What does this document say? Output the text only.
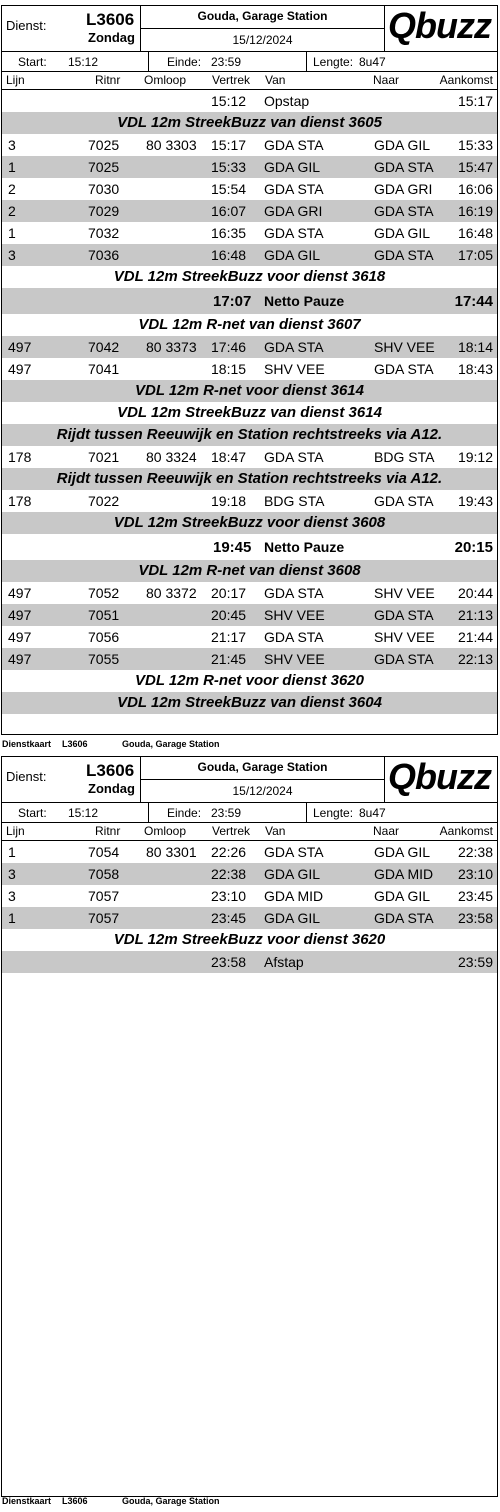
Dienst: L3606
Zondag
Gouda, Garage Station
15/12/2024	Qbuzz
Start: 15:12	Einde: 23:59	Lengte: 8u47
Lijn	Ritnr Omloop Vertrek Van	Naar	Aankomst
15:12 Opstap	15:17
VDL 12m StreekBuzz van dienst 3605
3	7025 80 3303 15:17 GDA STA	GDA GIL 15:33
1	7025	15:33 GDA GIL	GDA STA 15:47
2	7030	15:54 GDA STA	GDA GRI 16:06
2	7029	16:07 GDA GRI	GDA STA 16:19
1	7032	16:35 GDA STA	GDA GIL 16:48
3	7036	16:48 GDA GIL	GDA STA 17:05
VDL 12m StreekBuzz voor dienst 3618
17:07 Netto Pauze	17:44
VDL 12m R-net van dienst 3607
497	7042 80 3373 17:46 GDA STA	SHV VEE 18:14
497	7041	18:15 SHV VEE	GDA STA 18:43
VDL 12m R-net voor dienst 3614
VDL 12m StreekBuzz van dienst 3614
Rijdt tussen Reeuwijk en Station rechtstreeks via A12.
178	7021 80 3324 18:47 GDA STA	BDG STA 19:12
Rijdt tussen Reeuwijk en Station rechtstreeks via A12.
178	7022	19:18 BDG STA	GDA STA 19:43
VDL 12m StreekBuzz voor dienst 3608
19:45 Netto Pauze	20:15
VDL 12m R-net van dienst 3608
497	7052 80 3372 20:17 GDA STA	SHV VEE 20:44
497	7051	20:45 SHV VEE	GDA STA 21:13
497	7056	21:17 GDA STA	SHV VEE 21:44
497	7055	21:45 SHV VEE	GDA STA 22:13
VDL 12m R-net voor dienst 3620
VDL 12m StreekBuzz van dienst 3604
Dienstkaart L3606	Gouda, Garage Station
Dienst: L3606
Zondag
Gouda, Garage Station
15/12/2024	Qbuzz
Start: 15:12	Einde: 23:59	Lengte: 8u47
Lijn	Ritnr Omloop Vertrek Van	Naar	Aankomst
1	7054 80 3301 22:26 GDA STA	GDA GIL 22:38
3	7058	22:38 GDA GIL	GDA MID 23:10
3	7057	23:10 GDA MID	GDA GIL 23:45
1	7057	23:45 GDA GIL	GDA STA 23:58
VDL 12m StreekBuzz voor dienst 3620
23:58 Afstap	23:59
Dienstkaart L3606	Gouda, Garage Station
